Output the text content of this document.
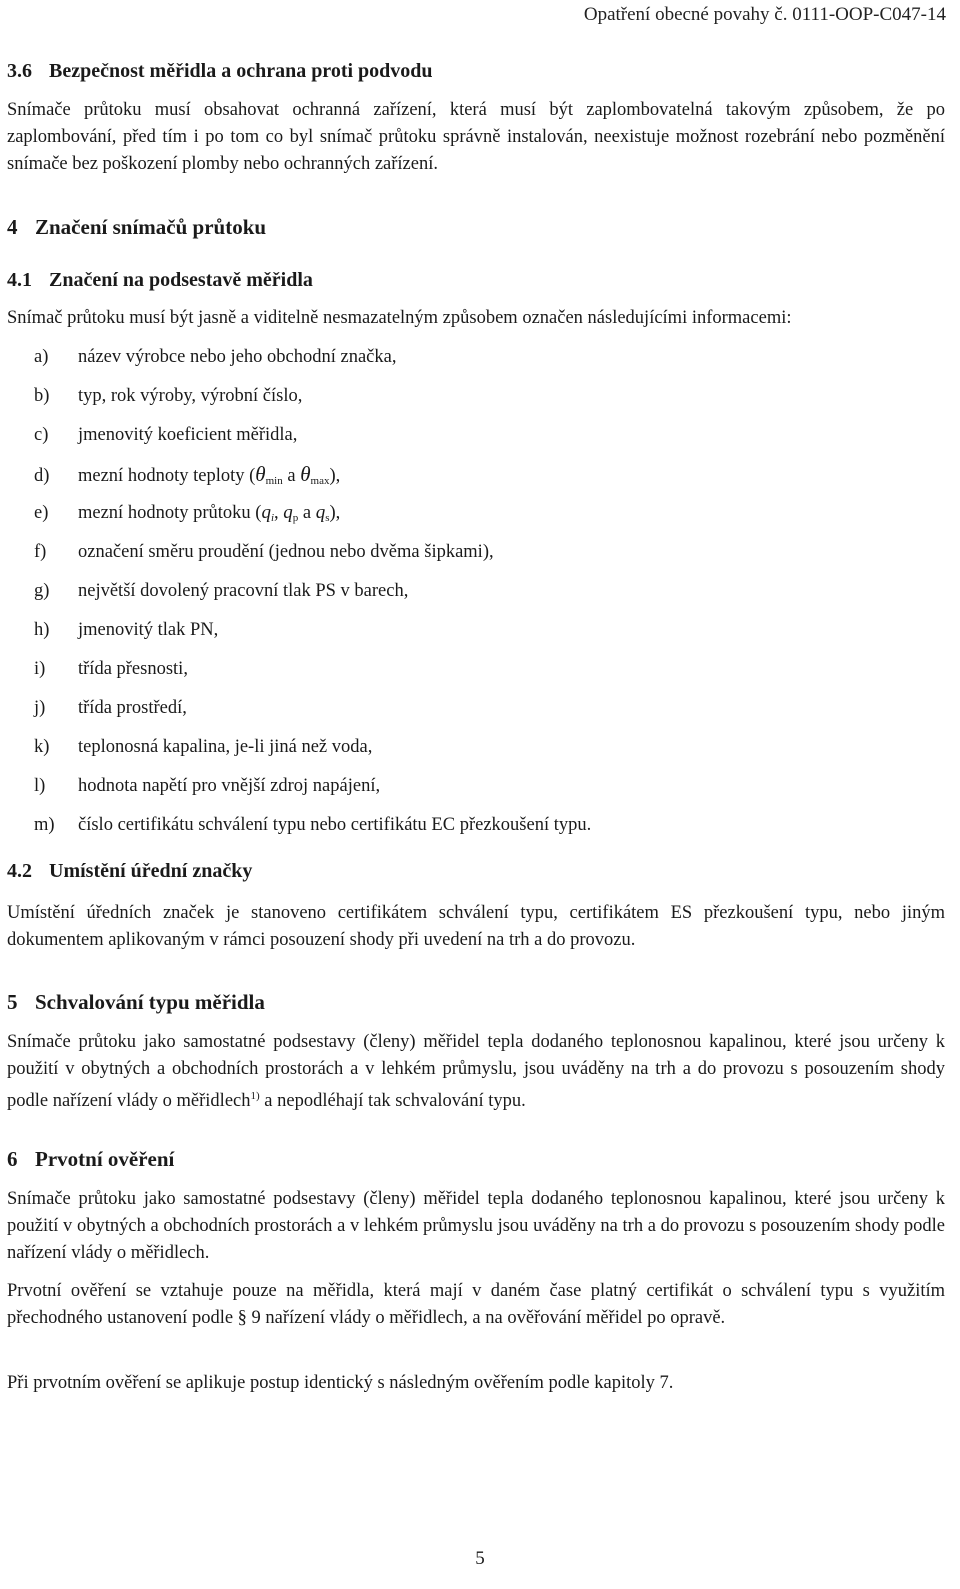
Opatření obecné povahy č. 0111-OOP-C047-14
3.6 Bezpečnost měřidla a ochrana proti podvodu
Snímače průtoku musí obsahovat ochranná zařízení, která musí být zaplombovatelná takovým způsobem, že po zaplombování, před tím i po tom co byl snímač průtoku správně instalován, neexistuje možnost rozebrání nebo pozměnění snímače bez poškození plomby nebo ochranných zařízení.
4 Značení snímačů průtoku
4.1 Značení na podsestavě měřidla
Snímač průtoku musí být jasně a viditelně nesmazatelným způsobem označen následujícími informacemi:
a) název výrobce nebo jeho obchodní značka,
b) typ, rok výroby, výrobní číslo,
c) jmenovitý koeficient měřidla,
d) mezní hodnoty teploty ($\theta_{min}$ a $\theta_{max}$),
e) mezní hodnoty průtoku ($q_i$, $q_p$ a $q_s$),
f) označení směru proudění (jednou nebo dvěma šipkami),
g) největší dovolený pracovní tlak PS v barech,
h) jmenovitý tlak PN,
i) třída přesnosti,
j) třída prostředí,
k) teplonosná kapalina, je-li jiná než voda,
l) hodnota napětí pro vnější zdroj napájení,
m) číslo certifikátu schválení typu nebo certifikátu EC přezkoušení typu.
4.2 Umístění úřední značky
Umístění úředních značek je stanoveno certifikátem schválení typu, certifikátem ES přezkoušení typu, nebo jiným dokumentem aplikovaným v rámci posouzení shody při uvedení na trh a do provozu.
5 Schvalování typu měřidla
Snímače průtoku jako samostatné podsestavy (členy) měřidel tepla dodaného teplonosnou kapalinou, které jsou určeny k použití v obytných a obchodních prostorách a v lehkém průmyslu, jsou uváděny na trh a do provozu s posouzením shody podle nařízení vlády o měřidlech$^{1)}$ a nepodléhají tak schvalování typu.
6 Prvotní ověření
Snímače průtoku jako samostatné podsestavy (členy) měřidel tepla dodaného teplonosnou kapalinou, které jsou určeny k použití v obytných a obchodních prostorách a v lehkém průmyslu jsou uváděny na trh a do provozu s posouzením shody podle nařízení vlády o měřidlech.
Prvotní ověření se vztahuje pouze na měřidla, která mají v daném čase platný certifikát o schválení typu s využitím přechodného ustanovení podle § 9 nařízení vlády o měřidlech, a na ověřování měřidel po opravě.
Při prvotním ověření se aplikuje postup identický s následným ověřením podle kapitoly 7.
5
